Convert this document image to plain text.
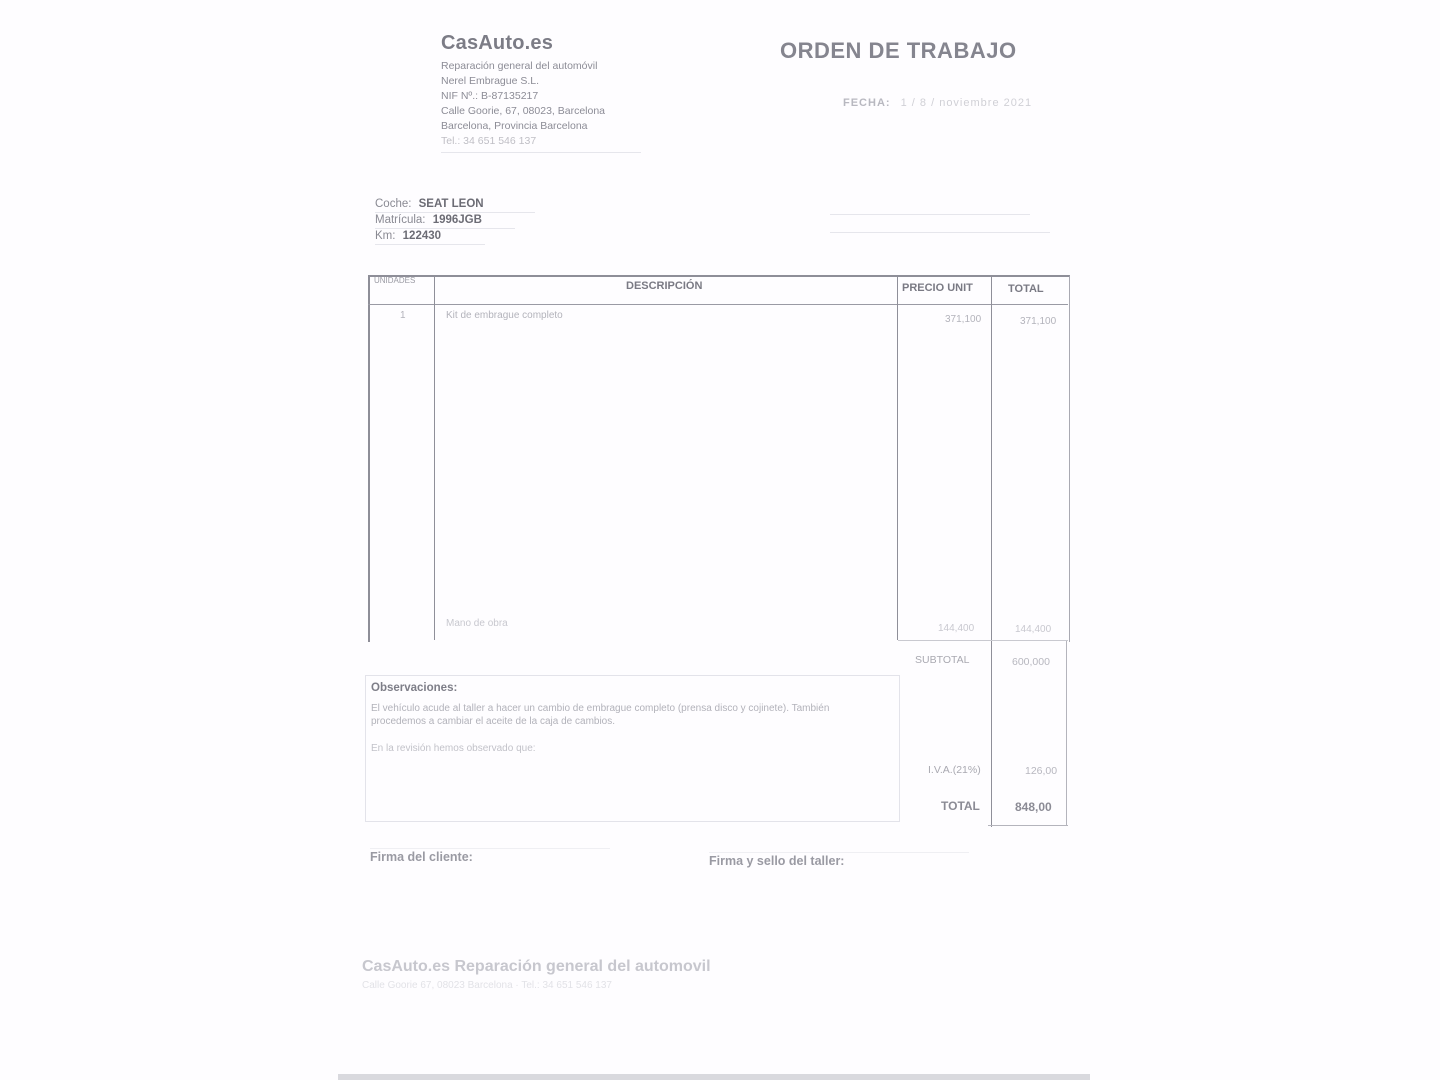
CasAuto.es
Reparación general del automóvil
Nerel Embrague S.L.
NIF Nº.: B-87135217
Calle Goorie, 67, 08023, Barcelona
Barcelona, Provincia Barcelona
Tel.: 34 651 546 137
ORDEN DE TRABAJO
FECHA: 1 / 8 / noviembre 2021
Coche: SEAT LEON
Matrícula: 1996JGB
Km: 122430
UNIDADES	DESCRIPCIÓN	PRECIO UNIT	TOTAL
1	Kit de embrague completo	371,100	371,100
Mano de obra	144,400	144,400
SUBTOTAL	600,000
I.V.A.(21%)	126,00
TOTAL	848,00
Observaciones:
El vehículo acude al taller a hacer un cambio de embrague completo (prensa disco y cojinete). También procedemos a cambiar el aceite de la caja de cambios.
En la revisión hemos observado que:
Firma del cliente:	Firma y sello del taller:
CasAuto.es Reparación general del automovil
Calle Goorie 67, 08023 Barcelona · Tel.: 34 651 546 137
